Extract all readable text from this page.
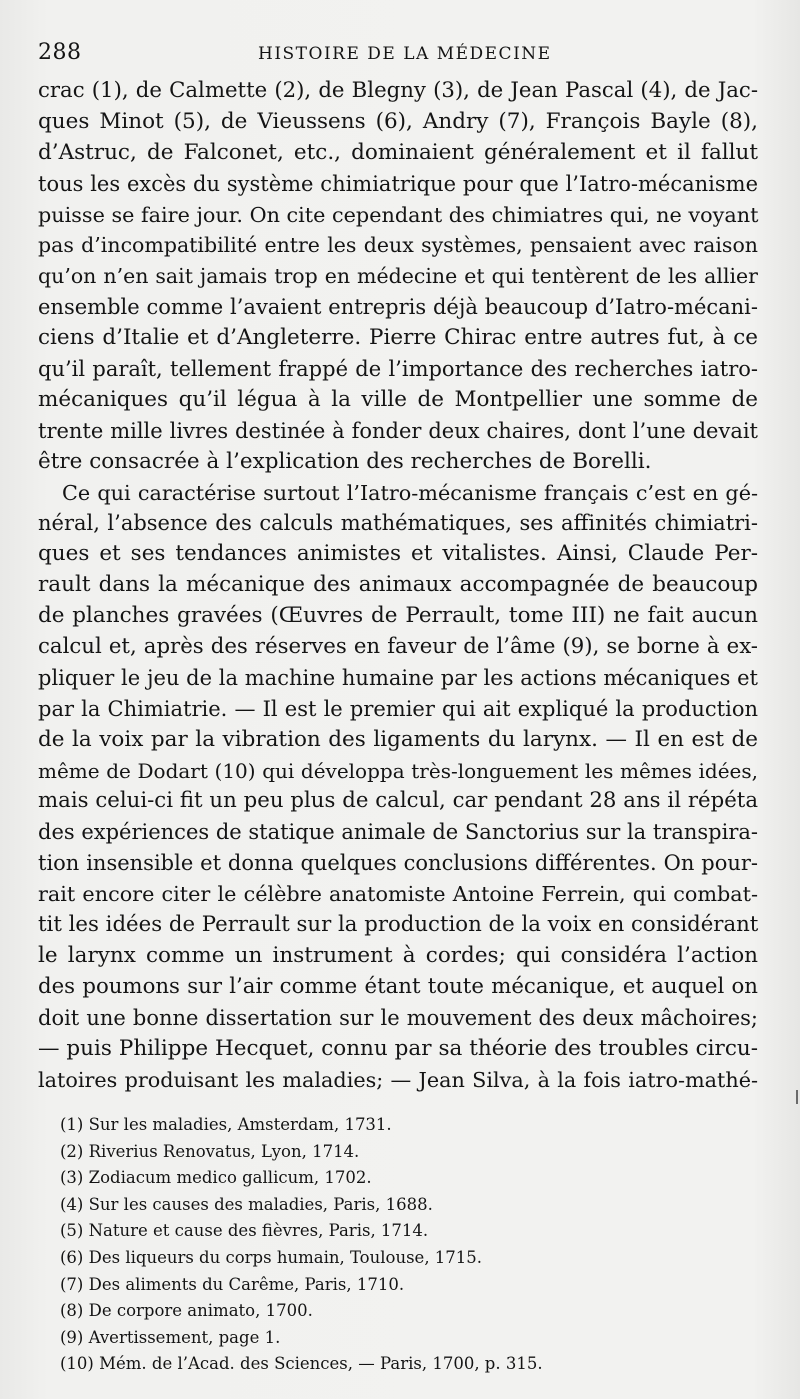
288	HISTOIRE DE LA MÉDECINE
crac (1), de Calmette (2), de Blegny (3), de Jean Pascal (4), de Jac-
ques Minot (5), de Vieussens (6), Andry (7), François Bayle (8),
d’Astruc, de Falconet, etc., dominaient généralement et il fallut
tous les excès du système chimiatrique pour que l’Iatro-mécanisme
puisse se faire jour. On cite cependant des chimiatres qui, ne voyant
pas d’incompatibilité entre les deux systèmes, pensaient avec raison
qu’on n’en sait jamais trop en médecine et qui tentèrent de les allier
ensemble comme l’avaient entrepris déjà beaucoup d’Iatro-mécani-
ciens d’Italie et d’Angleterre. Pierre Chirac entre autres fut, à ce
qu’il paraît, tellement frappé de l’importance des recherches iatro-
mécaniques qu’il légua à la ville de Montpellier une somme de
trente mille livres destinée à fonder deux chaires, dont l’une devait
être consacrée à l’explication des recherches de Borelli.
Ce qui caractérise surtout l’Iatro-mécanisme français c’est en gé-
néral, l’absence des calculs mathématiques, ses affinités chimiatri-
ques et ses tendances animistes et vitalistes. Ainsi, Claude Per-
rault dans la mécanique des animaux accompagnée de beaucoup
de planches gravées (Œuvres de Perrault, tome III) ne fait aucun
calcul et, après des réserves en faveur de l’âme (9), se borne à ex-
pliquer le jeu de la machine humaine par les actions mécaniques et
par la Chimiatrie. — Il est le premier qui ait expliqué la production
de la voix par la vibration des ligaments du larynx. — Il en est de
même de Dodart (10) qui développa très-longuement les mêmes idées,
mais celui-ci fit un peu plus de calcul, car pendant 28 ans il répéta
des expériences de statique animale de Sanctorius sur la transpira-
tion insensible et donna quelques conclusions différentes. On pour-
rait encore citer le célèbre anatomiste Antoine Ferrein, qui combat-
tit les idées de Perrault sur la production de la voix en considérant
le larynx comme un instrument à cordes; qui considéra l’action
des poumons sur l’air comme étant toute mécanique, et auquel on
doit une bonne dissertation sur le mouvement des deux mâchoires;
— puis Philippe Hecquet, connu par sa théorie des troubles circu-
latoires produisant les maladies; — Jean Silva, à la fois iatro-mathé-
(1) Sur les maladies, Amsterdam, 1731.
(2) Riverius Renovatus, Lyon, 1714.
(3) Zodiacum medico gallicum, 1702.
(4) Sur les causes des maladies, Paris, 1688.
(5) Nature et cause des fièvres, Paris, 1714.
(6) Des liqueurs du corps humain, Toulouse, 1715.
(7) Des aliments du Carême, Paris, 1710.
(8) De corpore animato, 1700.
(9) Avertissement, page 1.
(10) Mém. de l’Acad. des Sciences, — Paris, 1700, p. 315.
